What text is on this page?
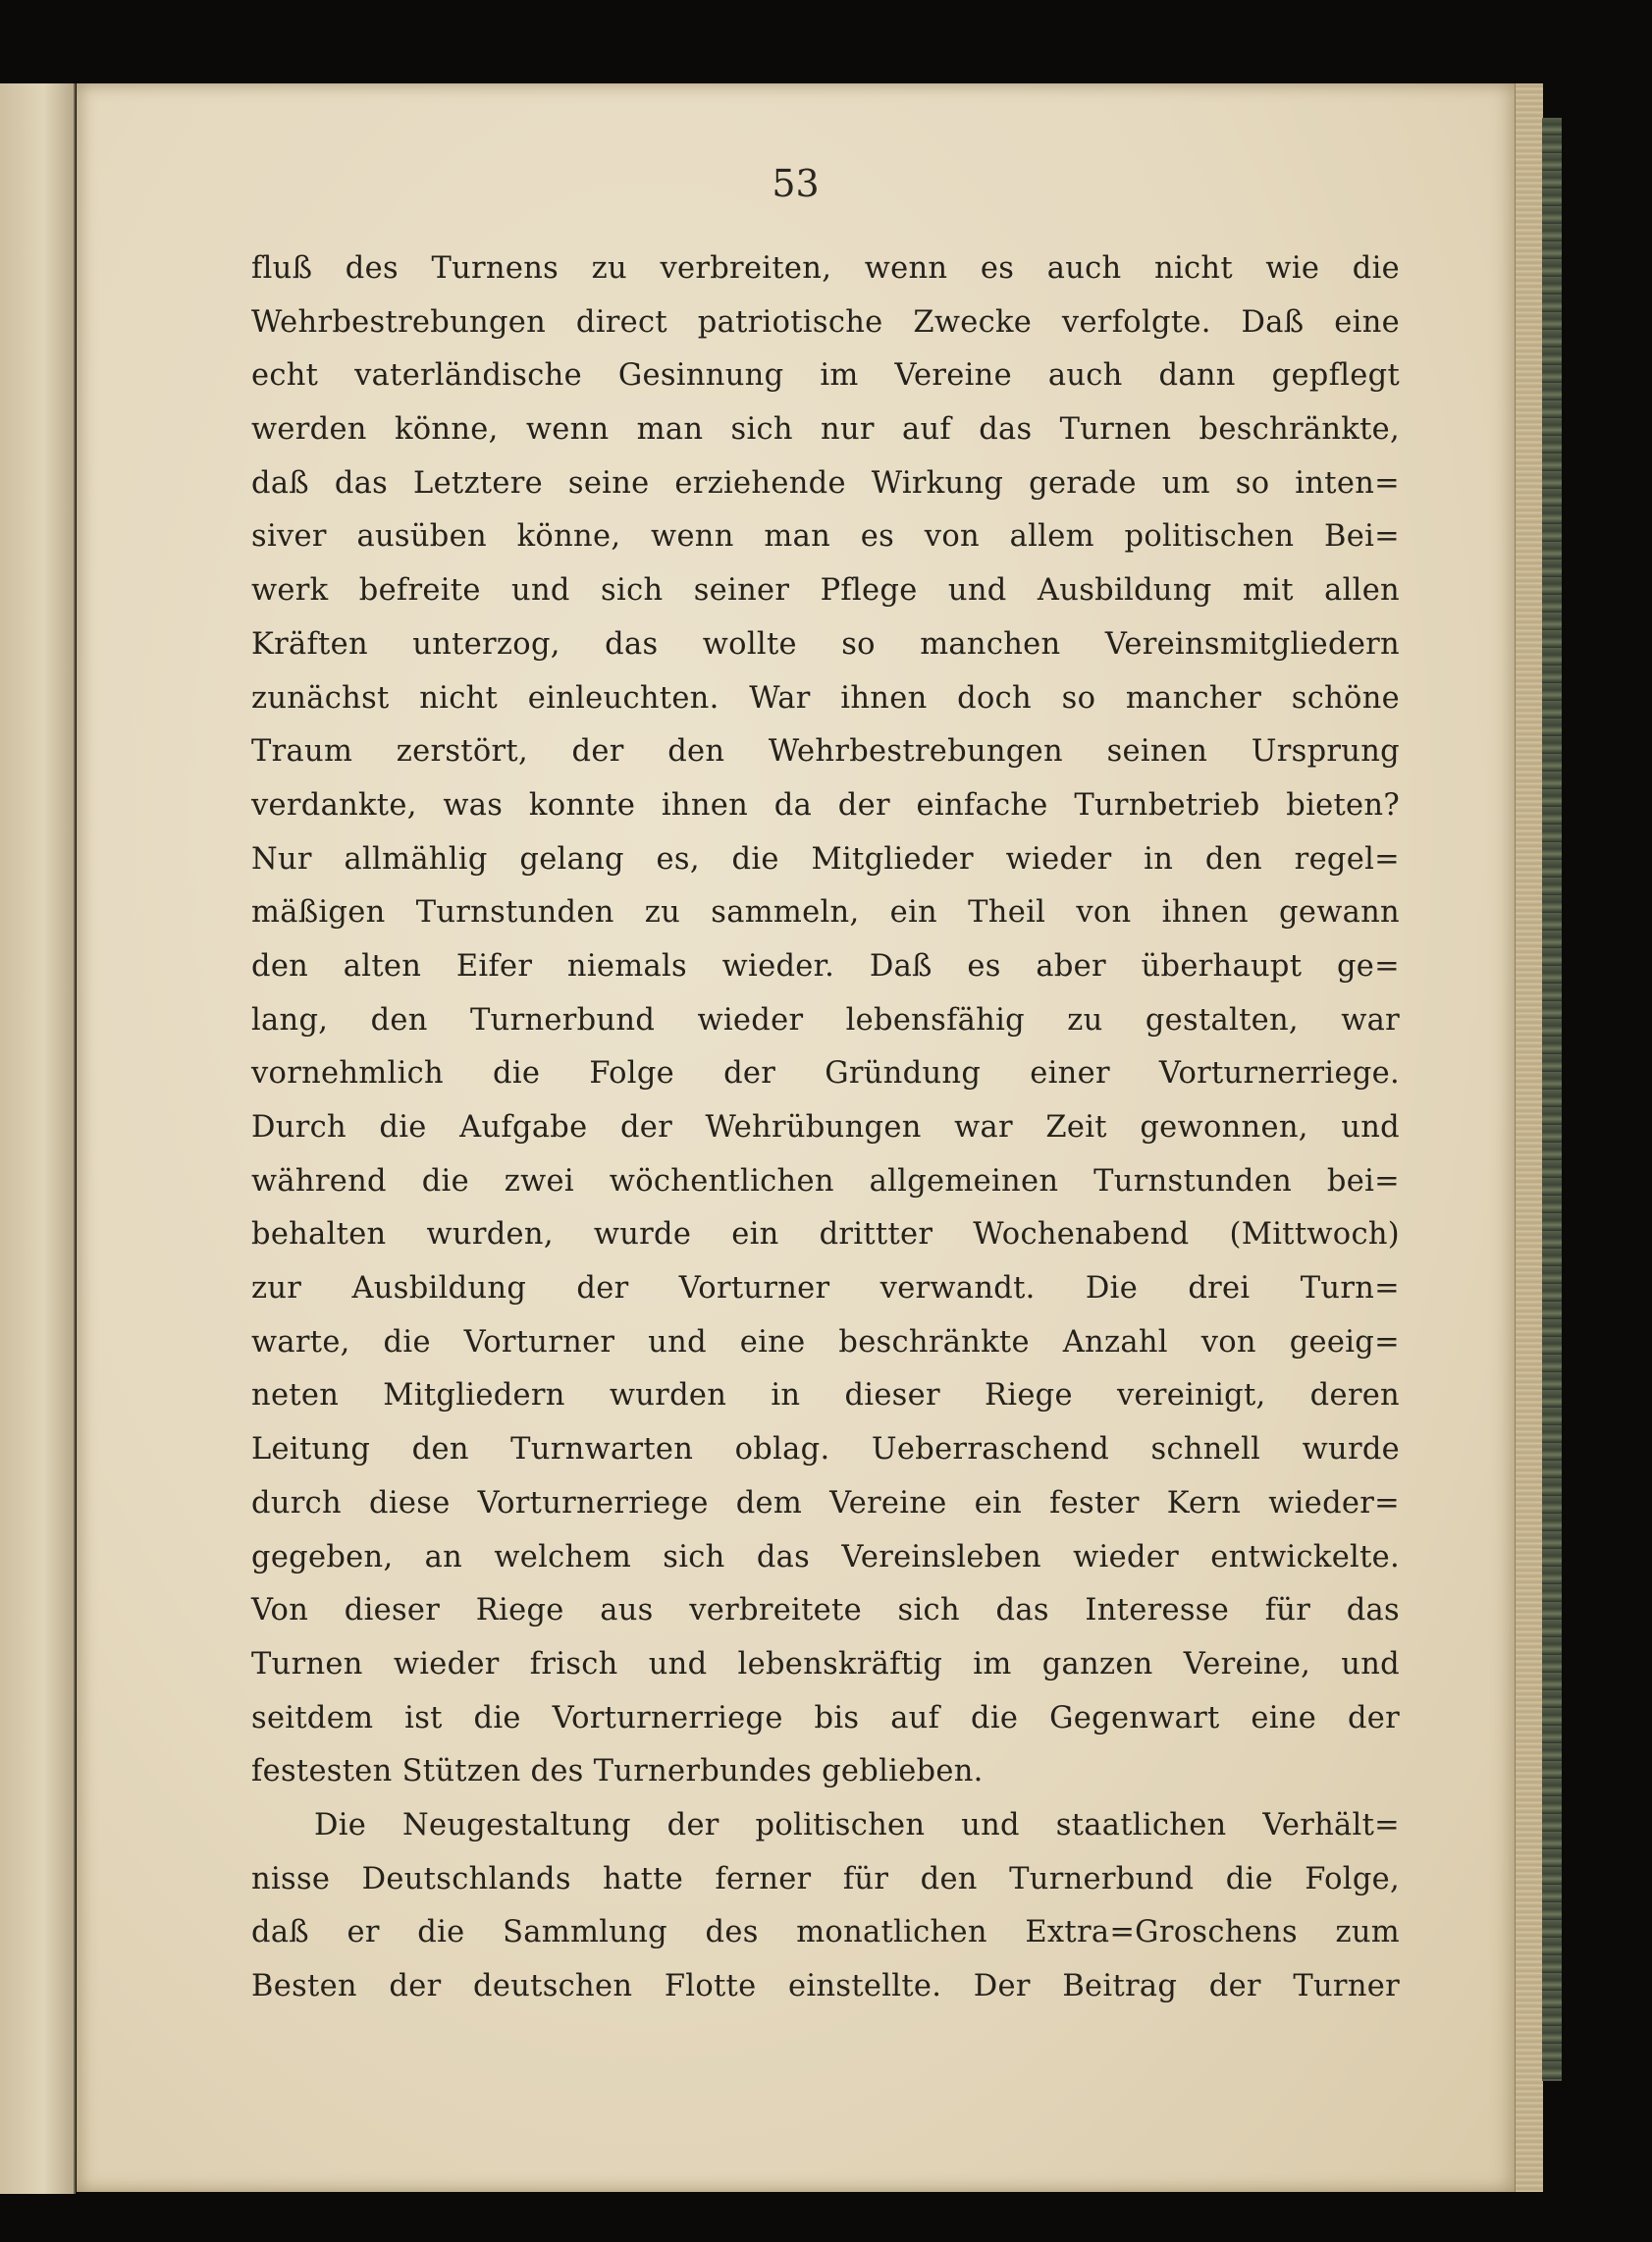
53
fluß des Turnens zu verbreiten, wenn es auch nicht wie die
Wehrbestrebungen direct patriotische Zwecke verfolgte. Daß eine
echt vaterländische Gesinnung im Vereine auch dann gepflegt
werden könne, wenn man sich nur auf das Turnen beschränkte,
daß das Letztere seine erziehende Wirkung gerade um so inten=
siver ausüben könne, wenn man es von allem politischen Bei=
werk befreite und sich seiner Pflege und Ausbildung mit allen
Kräften unterzog, das wollte so manchen Vereinsmitgliedern
zunächst nicht einleuchten. War ihnen doch so mancher schöne
Traum zerstört, der den Wehrbestrebungen seinen Ursprung
verdankte, was konnte ihnen da der einfache Turnbetrieb bieten?
Nur allmählig gelang es, die Mitglieder wieder in den regel=
mäßigen Turnstunden zu sammeln, ein Theil von ihnen gewann
den alten Eifer niemals wieder. Daß es aber überhaupt ge=
lang, den Turnerbund wieder lebensfähig zu gestalten, war
vornehmlich die Folge der Gründung einer Vorturnerriege.
Durch die Aufgabe der Wehrübungen war Zeit gewonnen, und
während die zwei wöchentlichen allgemeinen Turnstunden bei=
behalten wurden, wurde ein drittter Wochenabend (Mittwoch)
zur Ausbildung der Vorturner verwandt. Die drei Turn=
warte, die Vorturner und eine beschränkte Anzahl von geeig=
neten Mitgliedern wurden in dieser Riege vereinigt, deren
Leitung den Turnwarten oblag. Ueberraschend schnell wurde
durch diese Vorturnerriege dem Vereine ein fester Kern wieder=
gegeben, an welchem sich das Vereinsleben wieder entwickelte.
Von dieser Riege aus verbreitete sich das Interesse für das
Turnen wieder frisch und lebenskräftig im ganzen Vereine, und
seitdem ist die Vorturnerriege bis auf die Gegenwart eine der
festesten Stützen des Turnerbundes geblieben.
Die Neugestaltung der politischen und staatlichen Verhält=
nisse Deutschlands hatte ferner für den Turnerbund die Folge,
daß er die Sammlung des monatlichen Extra=Groschens zum
Besten der deutschen Flotte einstellte. Der Beitrag der Turner
